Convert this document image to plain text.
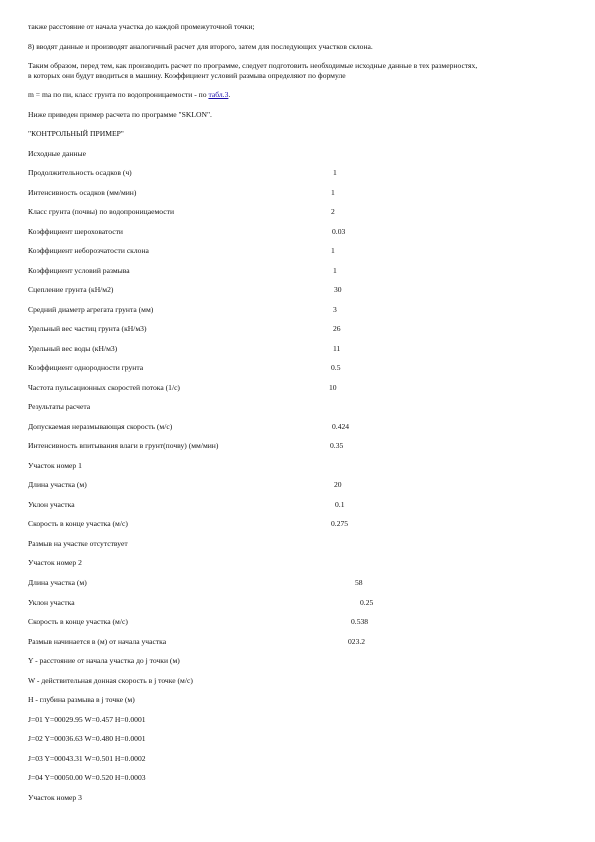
также расстояние от начала участка до каждой промежуточной точки;
8) вводят данные и производят аналогичный расчет для второго, затем для последующих участков склона.
Таким образом, перед тем, как производить расчет по программе, следует подготовить необходимые исходные данные в тех размерностях,
в которых они будут вводиться в машину. Коэффициент условий размыва определяют по формуле
m = ma по пи, класс грунта по водопроницаемости - по табл.3.
Ниже приведен пример расчета по программе "SKLON".
"КОНТРОЛЬНЫЙ ПРИМЕР"
Исходные данные
Продолжительность осадков (ч)	1
Интенсивность осадков (мм/мин)	1
Класс грунта (почвы) по водопроницаемости	2
Коэффициент шероховатости	0.03
Коэффициент неборозчатости склона	1
Коэффициент условий размыва	1
Сцепление грунта (кН/м2)	30
Средний диаметр агрегата грунта (мм)	3
Удельный вес частиц грунта (кН/м3)	26
Удельный вес воды (кН/м3)	11
Коэффициент однородности грунта	0.5
Частота пульсационных скоростей потока (1/с)	10
Результаты расчета
Допускаемая неразмывающая скорость (м/с)	0.424
Интенсивность впитывания влаги в грунт(почву) (мм/мин)	0.35
Участок номер 1
Длина участка (м)	20
Уклон участка	0.1
Скорость в конце участка (м/с)	0.275
Размыв на участке отсутствует
Участок номер 2
Длина участка (м)	58
Уклон участка	0.25
Скорость в конце участка (м/с)	0.538
Размыв начинается в (м) от начала участка	023.2
Y - расстояние от начала участка до j точки (м)
W - действительная донная скорость в j точке (м/с)
H - глубина размыва в j точке (м)
J=01 Y=00029.95 W=0.457 H=0.0001
J=02 Y=00036.63 W=0.480 H=0.0001
J=03 Y=00043.31 W=0.501 H=0.0002
J=04 Y=00050.00 W=0.520 H=0.0003
Участок номер 3
